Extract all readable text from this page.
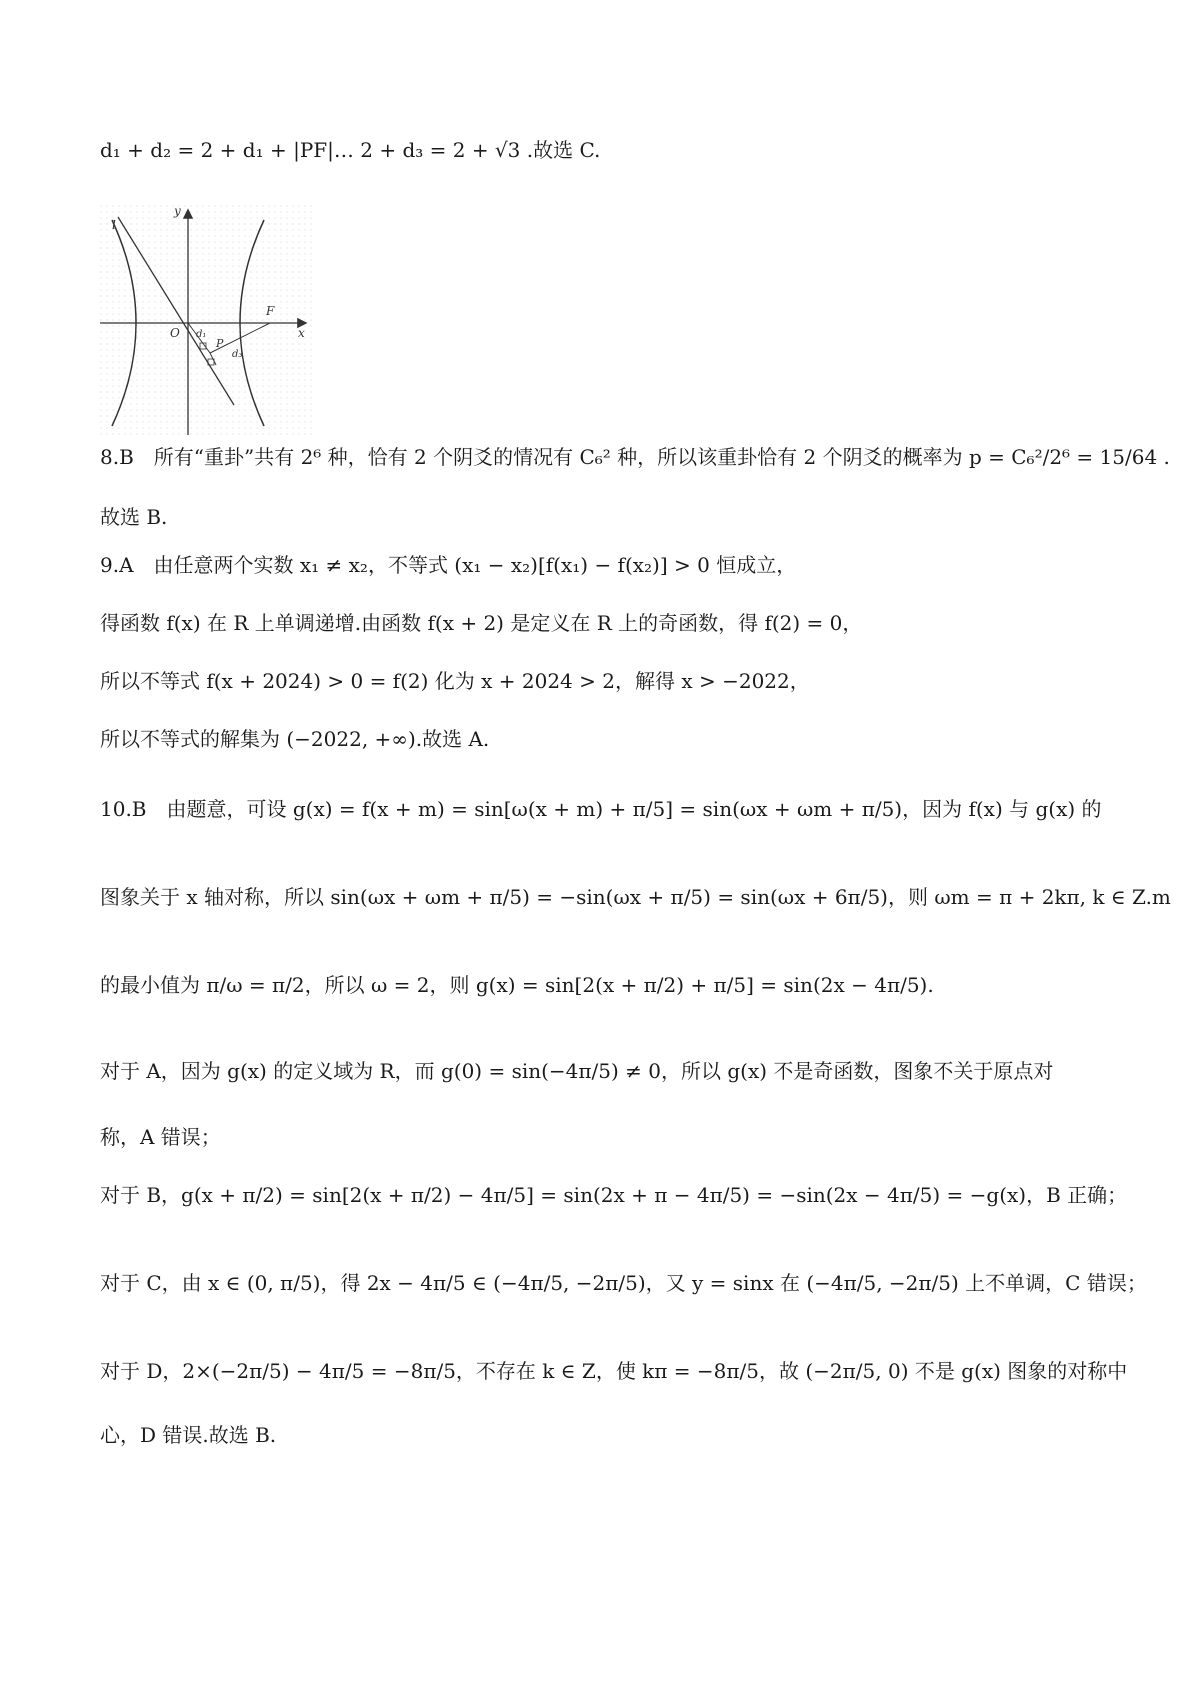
d₁ + d₂ = 2 + d₁ + |PF|… 2 + d₃ = 2 + √3 .故选 C.
y
x
l
O
F
P
d₁
d₃
8.B　所有“重卦”共有 2⁶ 种，恰有 2 个阴爻的情况有 C₆² 种，所以该重卦恰有 2 个阴爻的概率为 p = C₆²/2⁶ = 15/64 .
故选 B.
9.A　由任意两个实数 x₁ ≠ x₂，不等式 (x₁ − x₂)[f(x₁) − f(x₂)] > 0 恒成立，
得函数 f(x) 在 R 上单调递增.由函数 f(x + 2) 是定义在 R 上的奇函数，得 f(2) = 0，
所以不等式 f(x + 2024) > 0 = f(2) 化为 x + 2024 > 2，解得 x > −2022，
所以不等式的解集为 (−2022, +∞).故选 A.
10.B　由题意，可设 g(x) = f(x + m) = sin[ω(x + m) + π/5] = sin(ωx + ωm + π/5)，因为 f(x) 与 g(x) 的
图象关于 x 轴对称，所以 sin(ωx + ωm + π/5) = −sin(ωx + π/5) = sin(ωx + 6π/5)，则 ωm = π + 2kπ, k ∈ Z.m
的最小值为 π/ω = π/2，所以 ω = 2，则 g(x) = sin[2(x + π/2) + π/5] = sin(2x − 4π/5).
对于 A，因为 g(x) 的定义域为 R，而 g(0) = sin(−4π/5) ≠ 0，所以 g(x) 不是奇函数，图象不关于原点对
称，A 错误；
对于 B，g(x + π/2) = sin[2(x + π/2) − 4π/5] = sin(2x + π − 4π/5) = −sin(2x − 4π/5) = −g(x)，B 正确；
对于 C，由 x ∈ (0, π/5)，得 2x − 4π/5 ∈ (−4π/5, −2π/5)，又 y = sinx 在 (−4π/5, −2π/5) 上不单调，C 错误；
对于 D，2×(−2π/5) − 4π/5 = −8π/5，不存在 k ∈ Z，使 kπ = −8π/5，故 (−2π/5, 0) 不是 g(x) 图象的对称中
心，D 错误.故选 B.
